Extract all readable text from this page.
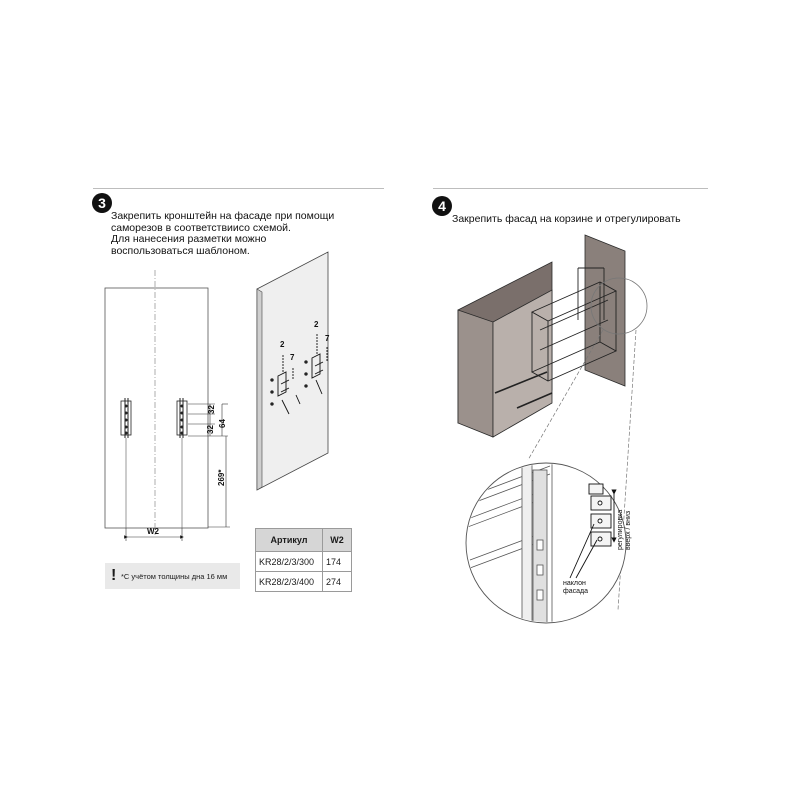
3
Закрепить кронштейн на фасаде при помощи
саморезов в соответствиисо схемой.
Для нанесения разметки можно
воспользоваться шаблоном.
4
Закрепить фасад на корзине и отрегулировать
32
32
64
269*
W2
2
7
2
7
! *С учётом толщины дна 16 мм
Артикул	W2
KR28/2/3/300	174
KR28/2/3/400	274
регулировка вверх / вниз
наклон
фасада
